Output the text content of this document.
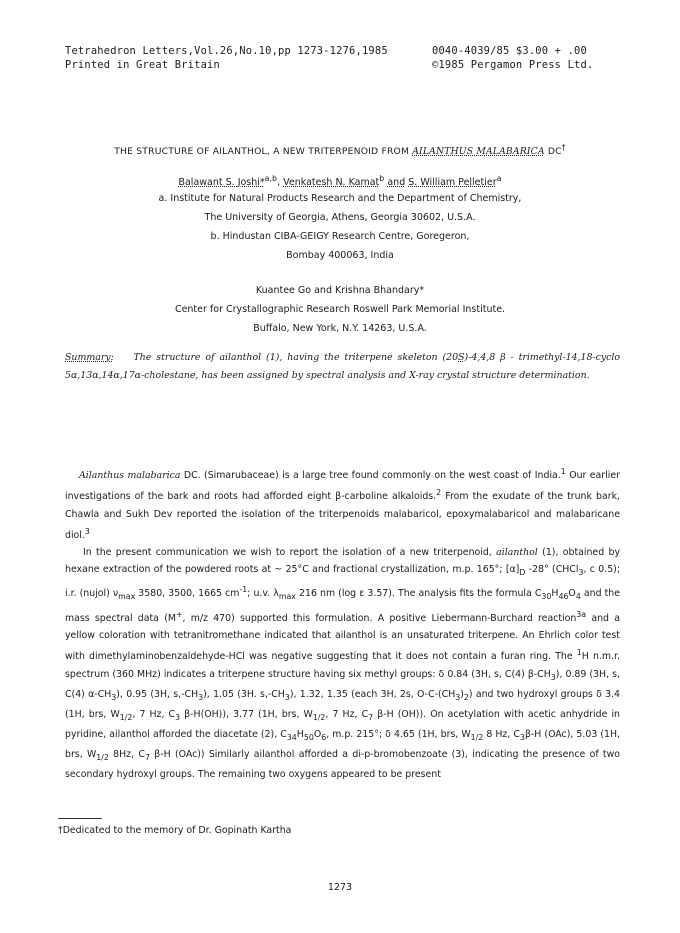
Tetrahedron Letters,Vol.26,No.10,pp 1273-1276,1985
Printed in Great Britain
0040-4039/85 $3.00 + .00
©1985 Pergamon Press Ltd.
THE STRUCTURE OF AILANTHOL, A NEW TRITERPENOID FROM AILANTHUS MALABARICA DC†
Balawant S. Joshi*$^{a,b}$, Venkatesh N. Kamat$^b$ and S. William Pelletier$^a$
a. Institute for Natural Products Research and the Department of Chemistry,
The University of Georgia, Athens, Georgia 30602, U.S.A.
b. Hindustan CIBA-GEIGY Research Centre, Goregeron,
Bombay 400063, India
Kuantee Go and Krishna Bhandary*
Center for Crystallographic Research Roswell Park Memorial Institute.
Buffalo, New York, N.Y. 14263, U.S.A.
Summary: The structure of ailanthol (1), having the triterpene skeleton (20S)-4,4,8 β - trimethyl-14,18-cyclo 5α,13α,14α,17α-cholestane, has been assigned by spectral analysis and X-ray crystal structure determination.

Ailanthus malabarica DC. (Simarubaceae) is a large tree found commonly on the west coast of India.$^1$ Our earlier investigations of the bark and roots had afforded eight β-carboline alkaloids.$^2$ From the exudate of the trunk bark, Chawla and Sukh Dev reported the isolation of the triterpenoids malabaricol, epoxymalabaricol and malabaricane diol.$^3$

In the present communication we wish to report the isolation of a new triterpenoid, ailanthol (1), obtained by hexane extraction of the powdered roots at ~ 25°C and fractional crystallization, m.p. 165°; $[\alpha]_D$ -28° (CHCl$_3$, c 0.5); i.r. (nujol) $\nu_{max}$ 3580, 3500, 1665 $cm^{-1}$; u.v. $\lambda_{max}$ 216 nm (log ε 3.57). The analysis fits the formula $C_{30}H_{46}O_4$ and the mass spectral data (M+, m/z 470) supported this formulation. A positive Liebermann-Burchard reaction$^{3a}$ and a yellow coloration with tetranitromethane indicated that ailanthol is an unsaturated triterpene. An Ehrlich color test with dimethylaminobenzaldehyde-HCl was negative suggesting that it does not contain a furan ring. The $^1$H n.m.r. spectrum (360 MHz) indicates a triterpene structure having six methyl groups: δ 0.84 (3H, s, C(4) $\beta-CH_3$), 0.89 (3H, s, C(4) $\alpha-CH_3$), 0.95 (3H, $s,-CH_3$), 1.05 (3H. $s,-CH_3$), 1.32, 1.35 (each 3H, 2s, $O-C-(CH_3)_2$) and two hydroxyl groups δ 3.4 (1H, brs, $W_{1/2}$, 7 Hz, $C_3$ β-H(OH)), 3.77 (1H, brs, $W_{1/2}$, 7 Hz, $C_7$ β-H (OH)). On acetylation with acetic anhydride in pyridine, ailanthol afforded the diacetate (2), $C_{34}H_{50}O_6$, m.p. 215°; δ 4.65 (1H, brs, $W_{1/2}$ 8 Hz, $C_3\beta-H$ (OAc), 5.03 (1H, brs, $W_{1/2}$ 8Hz, $C_7$ β-H (OAc)) Similarly ailanthol afforded a di-p-bromobenzoate (3), indicating the presence of two secondary hydroxyl groups. The remaining two oxygens appeared to be present

†Dedicated to the memory of Dr. Gopinath Kartha
1273
